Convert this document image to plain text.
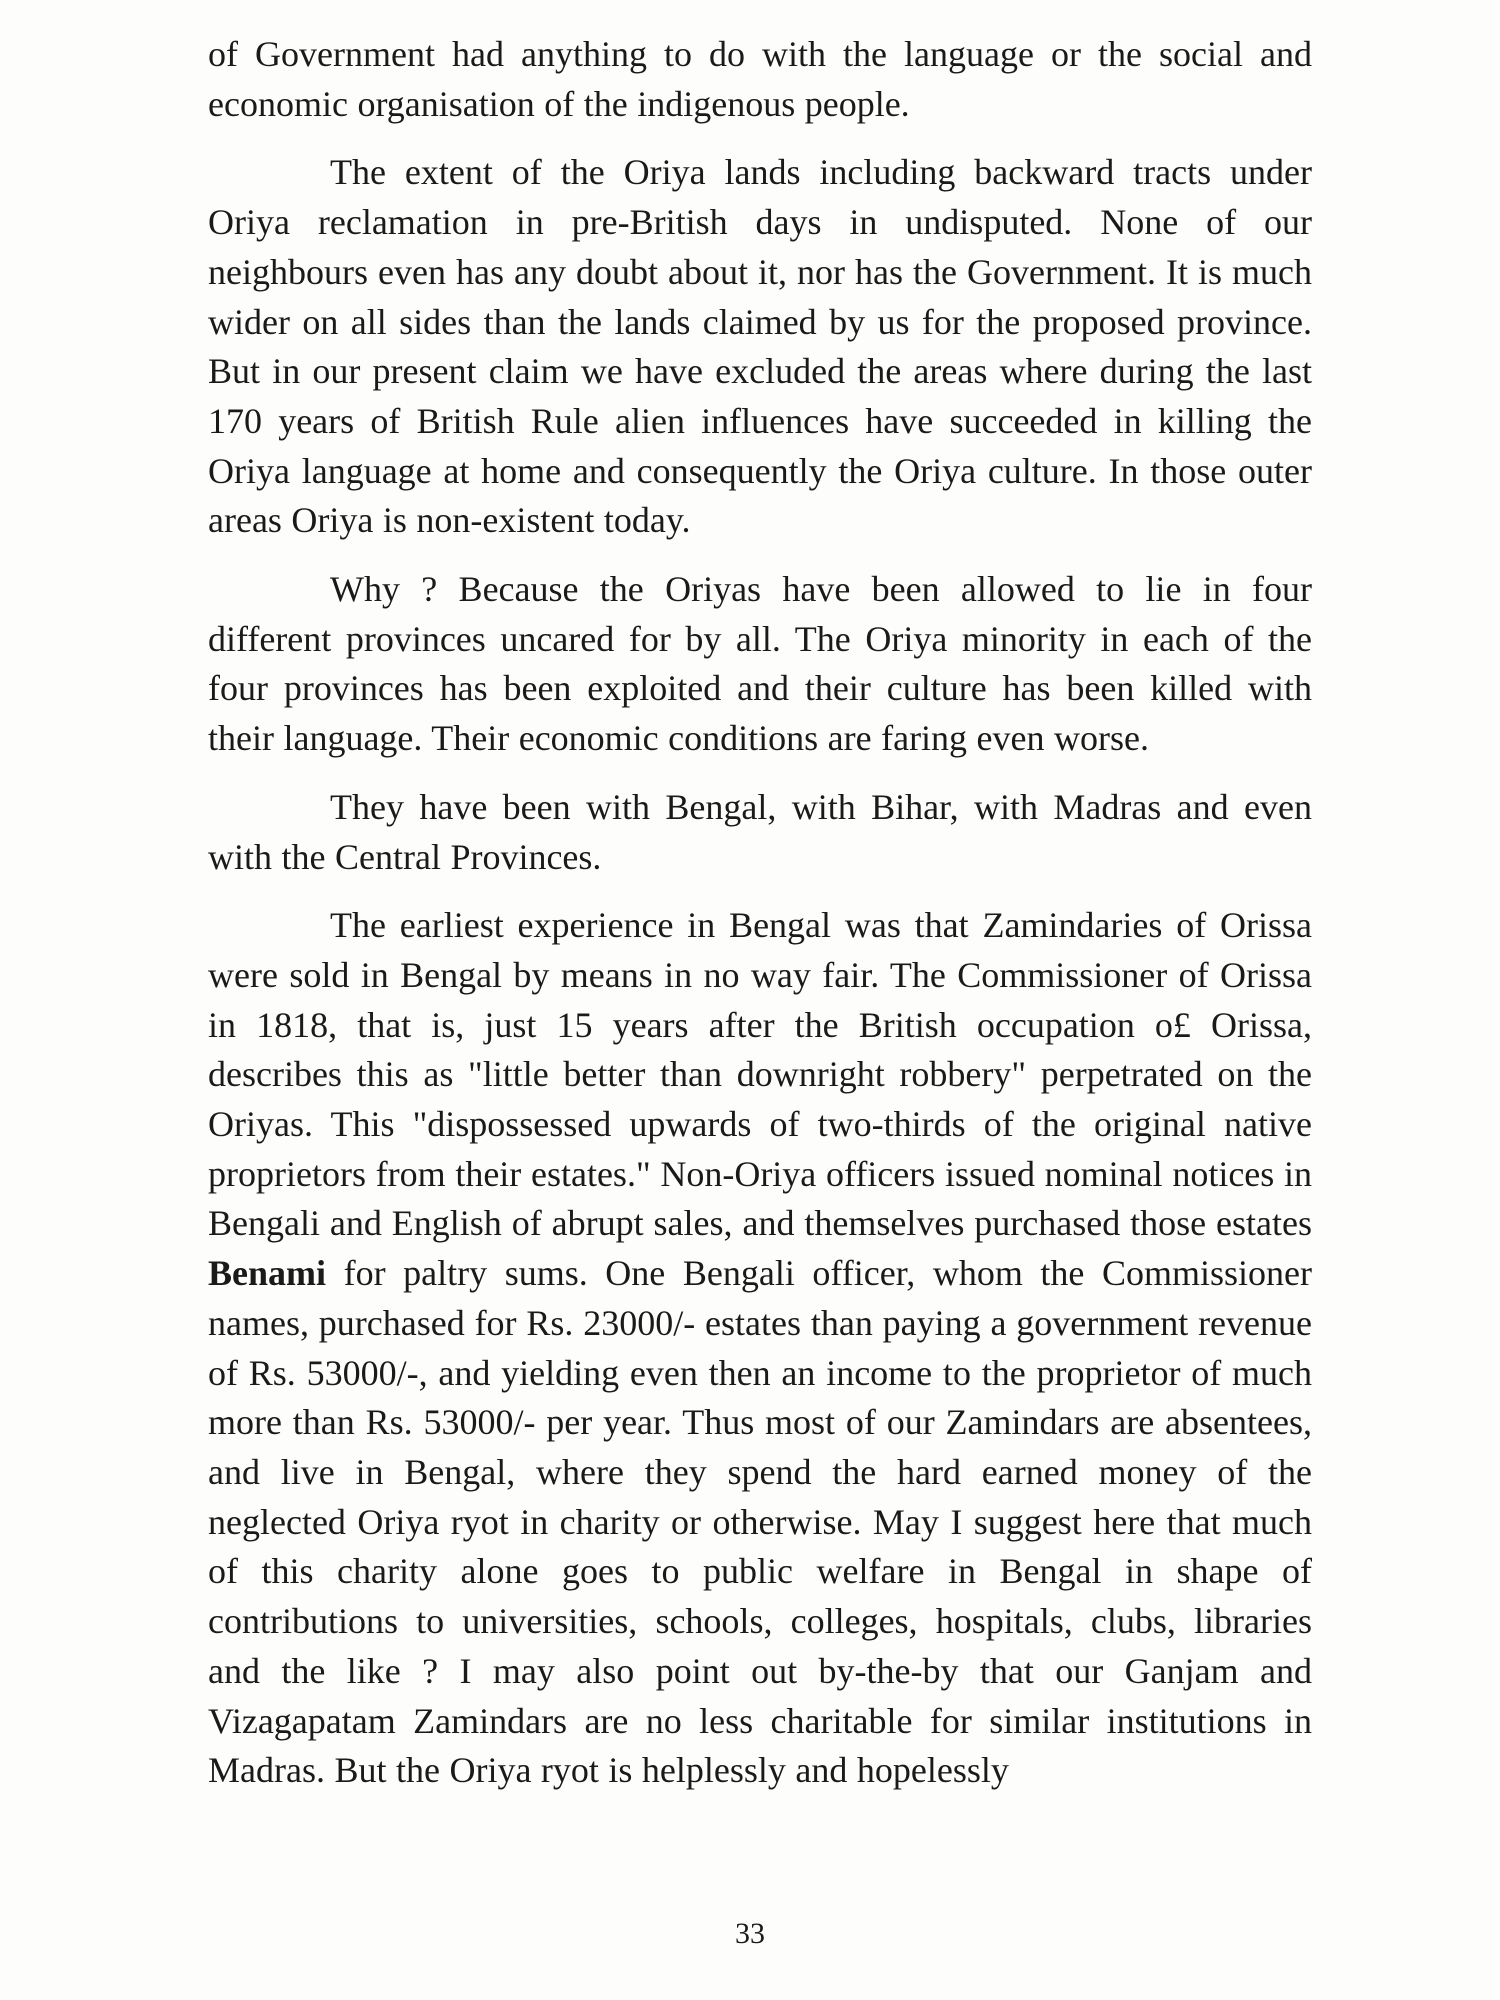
of Government had anything to do with the language or the social and economic organisation of the indigenous people.

The extent of the Oriya lands including backward tracts under Oriya reclamation in pre-British days in undisputed. None of our neighbours even has any doubt about it, nor has the Government. It is much wider on all sides than the lands claimed by us for the proposed province. But in our present claim we have excluded the areas where during the last 170 years of British Rule alien influences have succeeded in killing the Oriya language at home and consequently the Oriya culture. In those outer areas Oriya is non-existent today.

Why ? Because the Oriyas have been allowed to lie in four different provinces uncared for by all. The Oriya minority in each of the four provinces has been exploited and their culture has been killed with their language. Their economic conditions are faring even worse.

They have been with Bengal, with Bihar, with Madras and even with the Central Provinces.

The earliest experience in Bengal was that Zamindaries of Orissa were sold in Bengal by means in no way fair. The Commissioner of Orissa in 1818, that is, just 15 years after the British occupation o£ Orissa, describes this as "little better than downright robbery" perpetrated on the Oriyas. This "dispossessed upwards of two-thirds of the original native proprietors from their estates." Non-Oriya officers issued nominal notices in Bengali and English of abrupt sales, and themselves purchased those estates Benami for paltry sums. One Bengali officer, whom the Commissioner names, purchased for Rs. 23000/- estates than paying a government revenue of Rs. 53000/-, and yielding even then an income to the proprietor of much more than Rs. 53000/- per year. Thus most of our Zamindars are absentees, and live in Bengal, where they spend the hard earned money of the neglected Oriya ryot in charity or otherwise. May I suggest here that much of this charity alone goes to public welfare in Bengal in shape of contributions to universities, schools, colleges, hospitals, clubs, libraries and the like ? I may also point out by-the-by that our Ganjam and Vizagapatam Zamindars are no less charitable for similar institutions in Madras. But the Oriya ryot is helplessly and hopelessly

33
